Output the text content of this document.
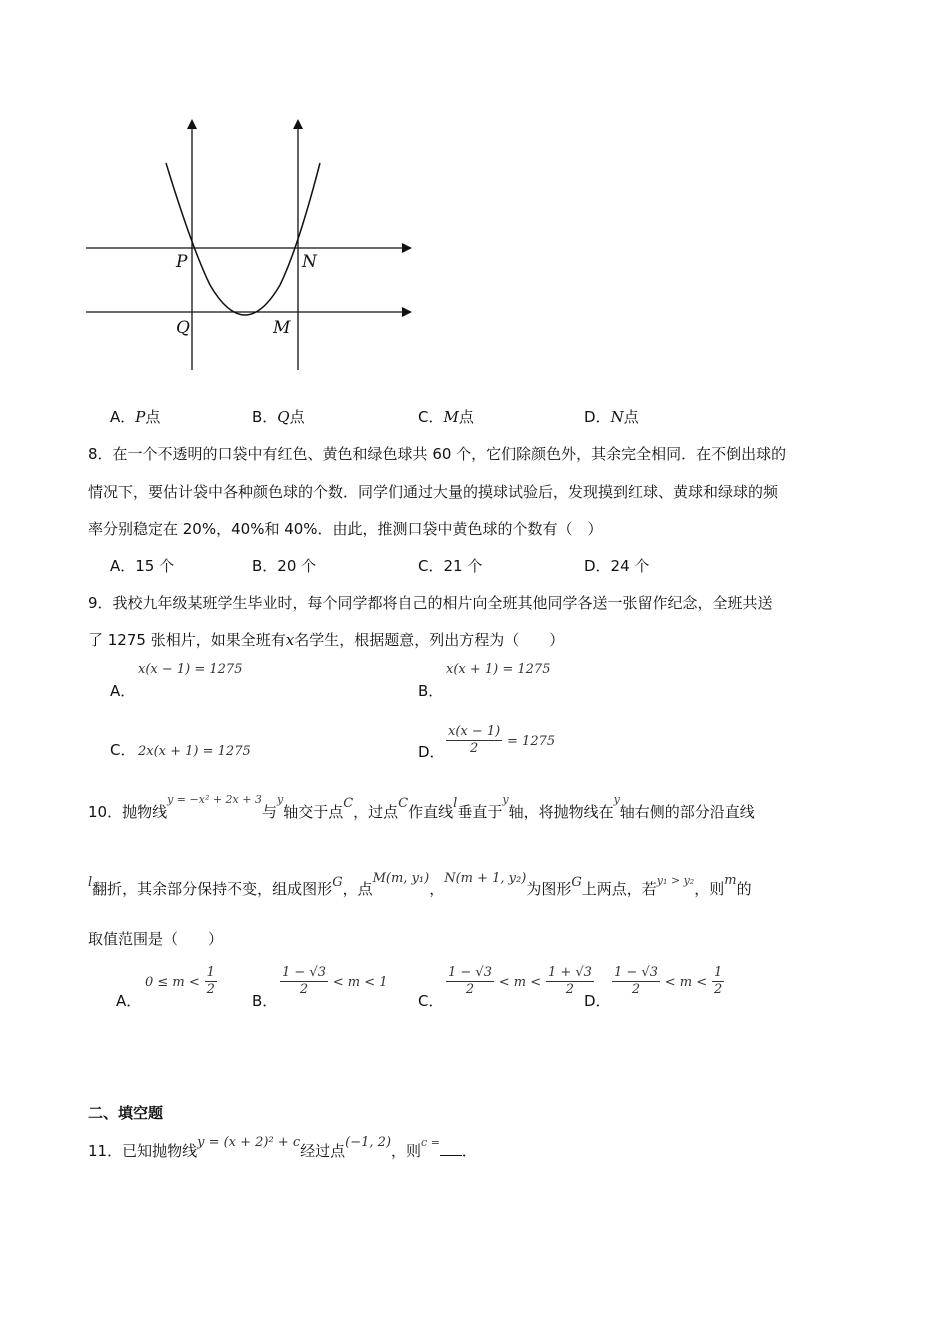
P	N
Q	M
A．P点	B．Q点	C．M点	D．N点
8．在一个不透明的口袋中有红色、黄色和绿色球共 60 个，它们除颜色外，其余完全相同．在不倒出球的
情况下，要估计袋中各种颜色球的个数．同学们通过大量的摸球试验后，发现摸到红球、黄球和绿球的频
率分别稳定在 20%，40%和 40%．由此，推测口袋中黄色球的个数有（　）
A．15 个	B．20 个	C．21 个	D．24 个
9．我校九年级某班学生毕业时，每个同学都将自己的相片向全班其他同学各送一张留作纪念，全班共送
了 1275 张相片，如果全班有x名学生，根据题意，列出方程为（　　）
A．
x(x − 1) = 1275
B．
x(x + 1) = 1275
C． 2x(x + 1) = 1275	D． $\frac{x(x - 1)}{2} = 1275$
10．抛物线$^{y = -x^2 + 2x + 3}$与$^y$轴交于点C，过点C作直线l垂直于$^y$轴，将抛物线在$^y$轴右侧的部分沿直线
l翻折，其余部分保持不变，组成图形G，点M(m, y₁)，N(m + 1, y₂)为图形G上两点，若$^{y_1 > y_2}$，则m的
取值范围是（　　）
A．
$0 \le m < \frac{1}{2}$
B．
$\frac{1 - √3}{2} < m < 1$
C．
$\frac{1 - √3}{2} < m < \frac{1 + √3}{2}$
D．
$\frac{1 - √3}{2} < m < \frac{1}{2}$
二、填空题
11．已知抛物线y = (x + 2)² + c经过点(−1, 2)，则$^{c =}$ ．
